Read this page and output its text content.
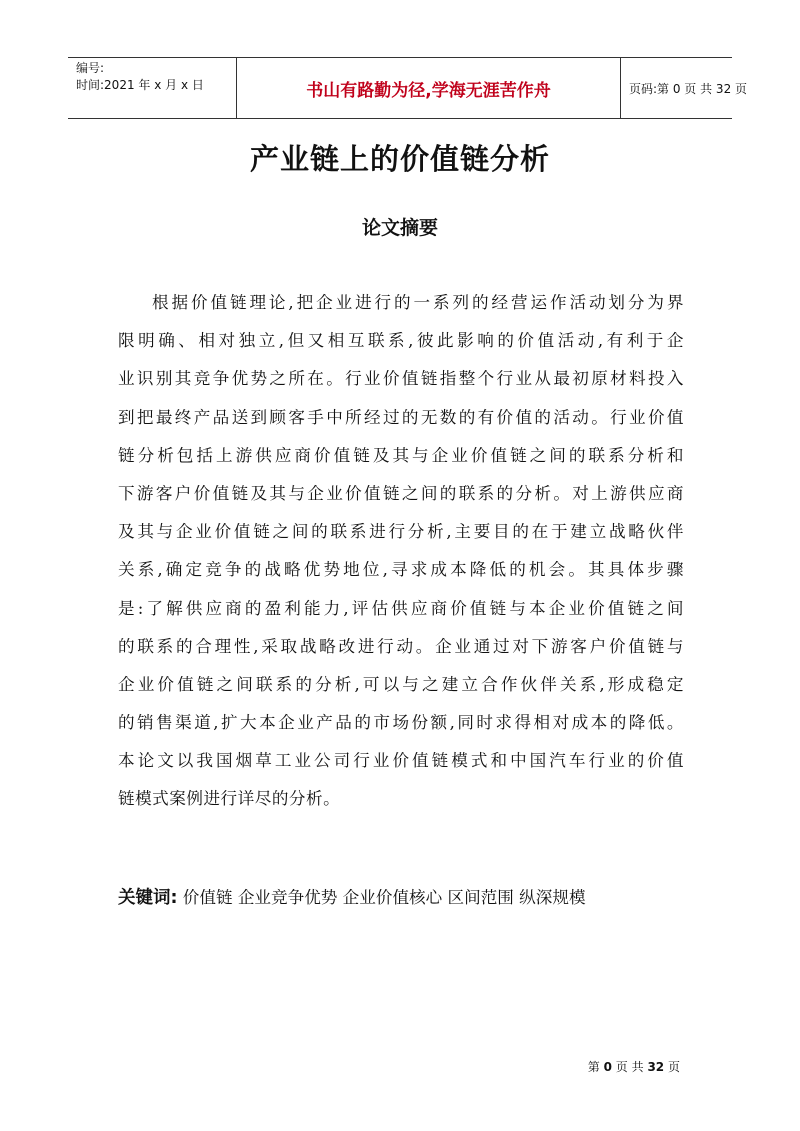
编号:
时间:2021 年 x 月 x 日	书山有路勤为径,学海无涯苦作舟	页码:第 0 页 共 32 页
产业链上的价值链分析
论文摘要
根据价值链理论,把企业进行的一系列的经营运作活动划分为界
限明确、相对独立,但又相互联系,彼此影响的价值活动,有利于企
业识别其竞争优势之所在。行业价值链指整个行业从最初原材料投入
到把最终产品送到顾客手中所经过的无数的有价值的活动。行业价值
链分析包括上游供应商价值链及其与企业价值链之间的联系分析和
下游客户价值链及其与企业价值链之间的联系的分析。对上游供应商
及其与企业价值链之间的联系进行分析,主要目的在于建立战略伙伴
关系,确定竞争的战略优势地位,寻求成本降低的机会。其具体步骤
是:了解供应商的盈利能力,评估供应商价值链与本企业价值链之间
的联系的合理性,采取战略改进行动。企业通过对下游客户价值链与
企业价值链之间联系的分析,可以与之建立合作伙伴关系,形成稳定
的销售渠道,扩大本企业产品的市场份额,同时求得相对成本的降低。
本论文以我国烟草工业公司行业价值链模式和中国汽车行业的价值
链模式案例进行详尽的分析。
关键词: 价值链 企业竞争优势 企业价值核心 区间范围 纵深规模
第 0 页 共 32 页
